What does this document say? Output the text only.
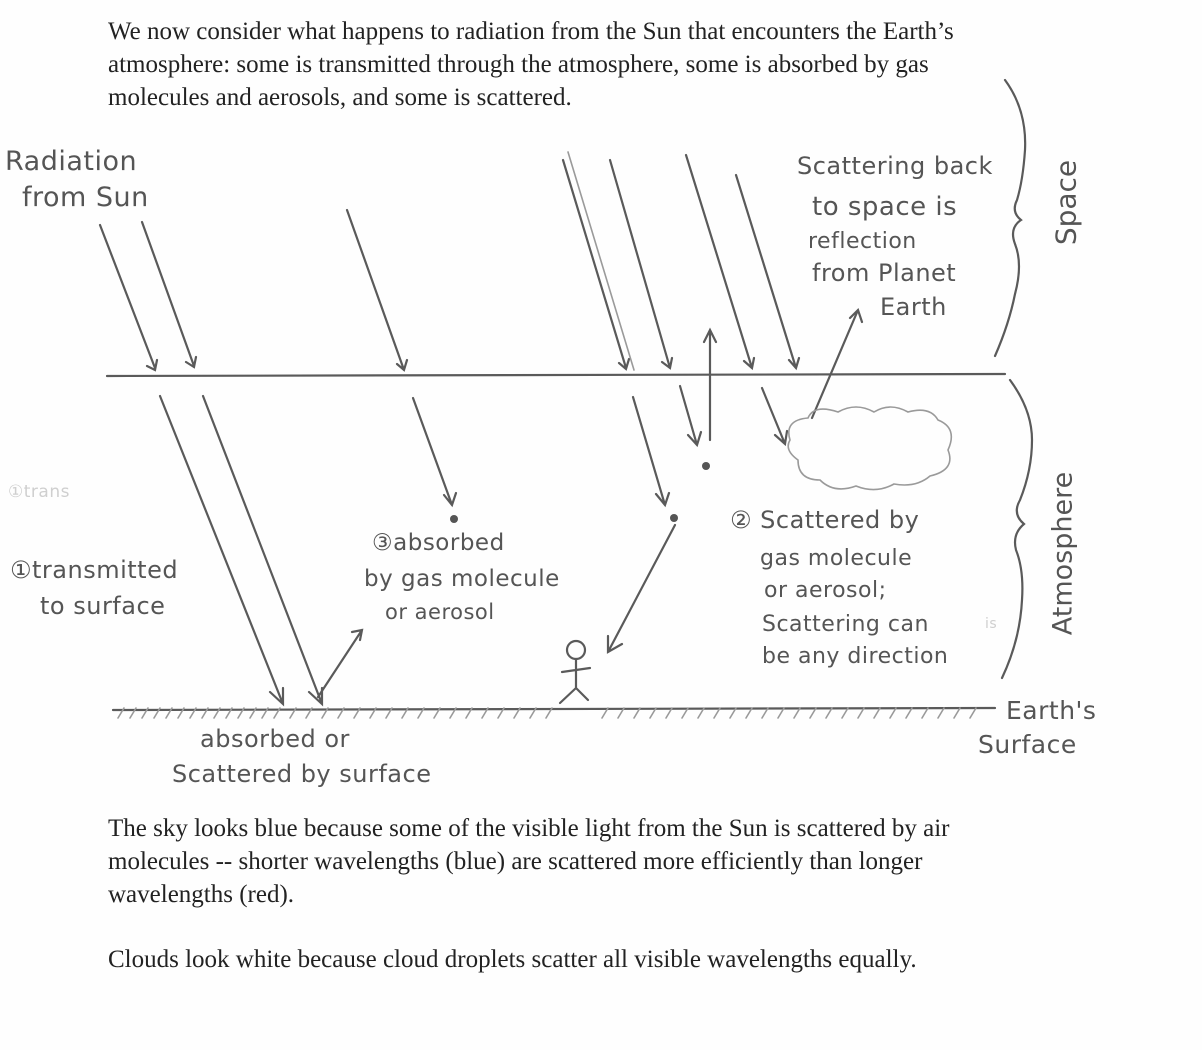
We now consider what happens to radiation from the Sun that encounters the Earth’s atmosphere: some is transmitted through the atmosphere, some is absorbed by gas molecules and aerosols, and some is scattered.
Radiation
from Sun
Scattering back
to space is
reflection
from Planet
Earth
Space
Atmosphere
①trans
①transmitted
to surface
③absorbed
by gas molecule
or aerosol
② Scattered by
gas molecule
or aerosol;
Scattering can	is
be any direction
Earth's
Surface
absorbed or
Scattered by surface
The sky looks blue because some of the visible light from the Sun is scattered by air molecules -- shorter wavelengths (blue) are scattered more efficiently than longer wavelengths (red).
Clouds look white because cloud droplets scatter all visible wavelengths equally.
